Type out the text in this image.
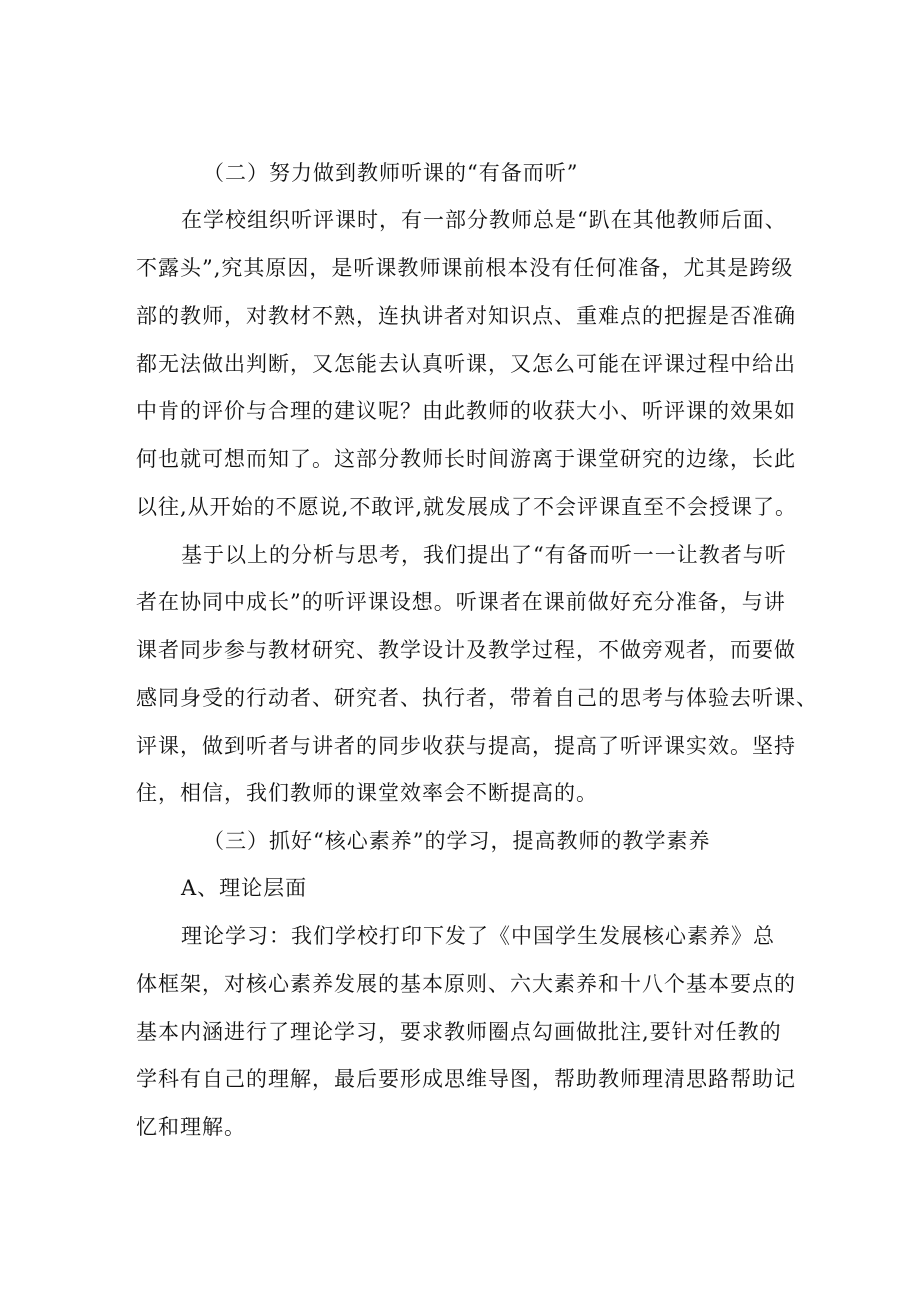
（二）努力做到教师听课的“有备而听”
在学校组织听评课时，有一部分教师总是“趴在其他教师后面、
不露头”,究其原因，是听课教师课前根本没有任何准备，尤其是跨级
部的教师，对教材不熟，连执讲者对知识点、重难点的把握是否准确
都无法做出判断，又怎能去认真听课，又怎么可能在评课过程中给出
中肯的评价与合理的建议呢？由此教师的收获大小、听评课的效果如
何也就可想而知了。这部分教师长时间游离于课堂研究的边缘，长此
以往,从开始的不愿说,不敢评,就发展成了不会评课直至不会授课了。
基于以上的分析与思考，我们提出了“有备而听一一让教者与听
者在协同中成长”的听评课设想。听课者在课前做好充分准备，与讲
课者同步参与教材研究、教学设计及教学过程，不做旁观者，而要做
感同身受的行动者、研究者、执行者，带着自己的思考与体验去听课、
评课，做到听者与讲者的同步收获与提高，提高了听评课实效。坚持
住，相信，我们教师的课堂效率会不断提高的。
（三）抓好“核心素养”的学习，提高教师的教学素养
A、理论层面
理论学习：我们学校打印下发了《中国学生发展核心素养》总
体框架，对核心素养发展的基本原则、六大素养和十八个基本要点的
基本内涵进行了理论学习，要求教师圈点勾画做批注,要针对任教的
学科有自己的理解，最后要形成思维导图，帮助教师理清思路帮助记
忆和理解。
